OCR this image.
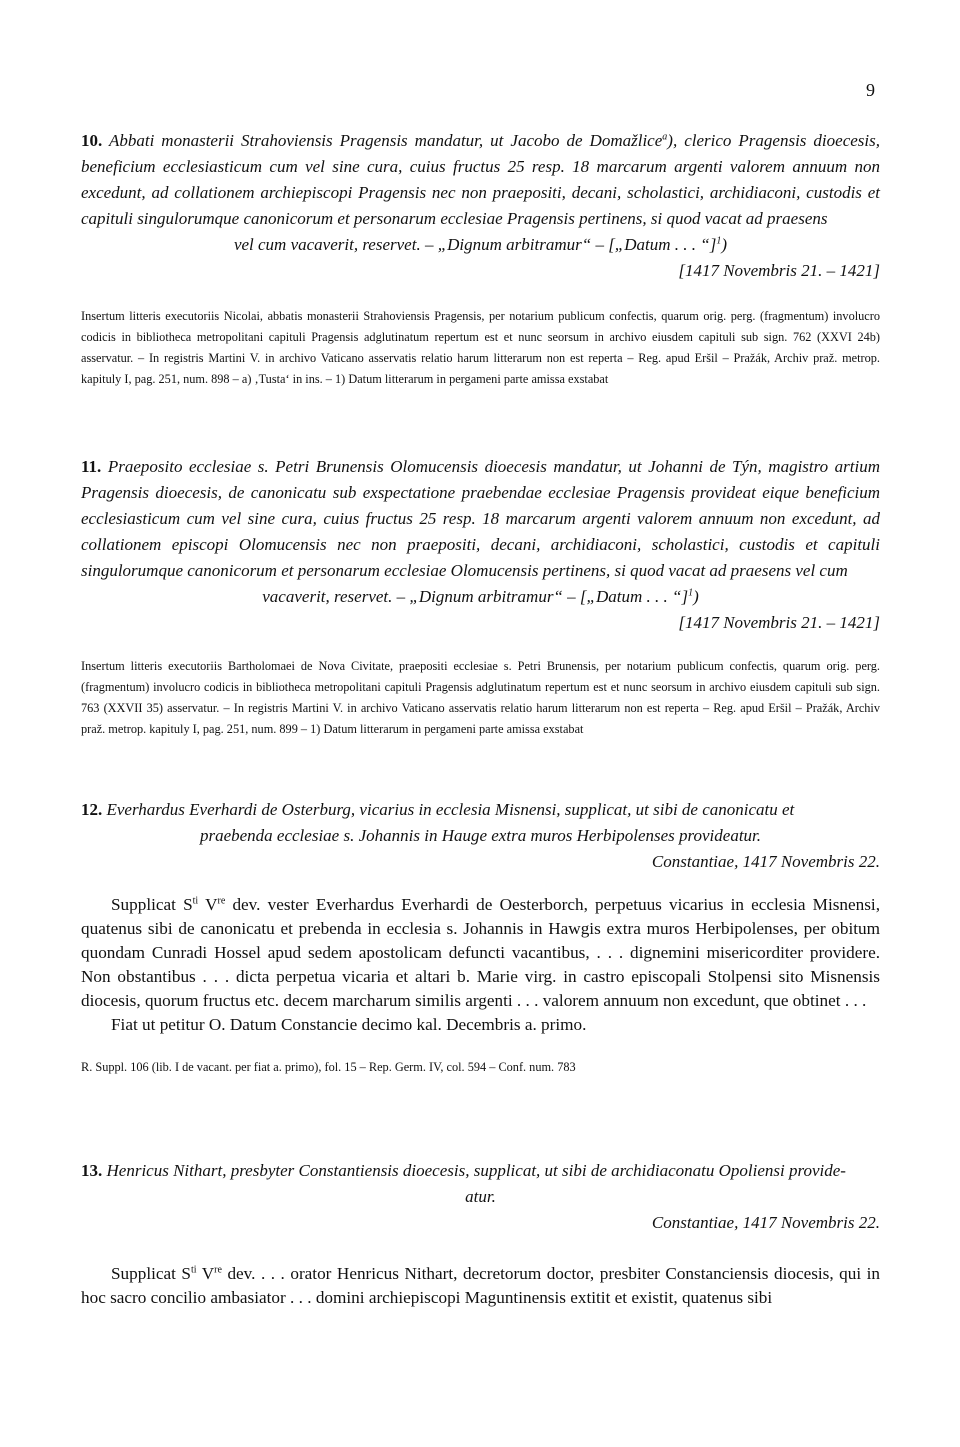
9
10. Abbati monasterii Strahoviensis Pragensis mandatur, ut Jacobo de Domažlice$^a$), clerico Pragensis dioecesis, beneficium ecclesiasticum cum vel sine cura, cuius fructus 25 resp. 18 marcarum argenti valorem annuum non excedunt, ad collationem archiepiscopi Pragensis nec non praepositi, decani, scholastici, archidiaconi, custodis et capituli singulorumque canonicorum et personarum ecclesiae Pragensis pertinens, si quod vacat ad praesens
vel cum vacaverit, reservet. – „Dignum arbitramur“ – [„Datum . . . “]$^1$)
[1417 Novembris 21. – 1421]
Insertum litteris executoriis Nicolai, abbatis monasterii Strahoviensis Pragensis, per notarium publicum confectis, quarum orig. perg. (fragmentum) involucro codicis in bibliotheca metropolitani capituli Pragensis adglutinatum repertum est et nunc seorsum in archivo eiusdem capituli sub sign. 762 (XXVI 24b) asservatur. – In registris Martini V. in archivo Vaticano asservatis relatio harum litterarum non est reperta – Reg. apud Eršil – Pražák, Archiv praž. metrop. kapituly I, pag. 251, num. 898 – a) ‚Tusta‘ in ins. – 1) Datum litterarum in pergameni parte amissa exstabat
11. Praeposito ecclesiae s. Petri Brunensis Olomucensis dioecesis mandatur, ut Johanni de Týn, magistro artium Pragensis dioecesis, de canonicatu sub exspectatione praebendae ecclesiae Pragensis provideat eique beneficium ecclesiasticum cum vel sine cura, cuius fructus 25 resp. 18 marcarum argenti valorem annuum non excedunt, ad collationem episcopi Olomucensis nec non praepositi, decani, archidiaconi, scholastici, custodis et capituli singulorumque canonicorum et personarum ecclesiae Olomucensis pertinens, si quod vacat ad praesens vel cum
vacaverit, reservet. – „Dignum arbitramur“ – [„Datum . . . “]$^1$)
[1417 Novembris 21. – 1421]
Insertum litteris executoriis Bartholomaei de Nova Civitate, praepositi ecclesiae s. Petri Brunensis, per notarium publicum confectis, quarum orig. perg. (fragmentum) involucro codicis in bibliotheca metropolitani capituli Pragensis adglutinatum repertum est et nunc seorsum in archivo eiusdem capituli sub sign. 763 (XXVII 35) asservatur. – In registris Martini V. in archivo Vaticano asservatis relatio harum litterarum non est reperta – Reg. apud Eršil – Pražák, Archiv praž. metrop. kapituly I, pag. 251, num. 899 – 1) Datum litterarum in pergameni parte amissa exstabat
12. Everhardus Everhardi de Osterburg, vicarius in ecclesia Misnensi, supplicat, ut sibi de canonicatu et
praebenda ecclesiae s. Johannis in Hauge extra muros Herbipolenses provideatur.
Constantiae, 1417 Novembris 22.
Supplicat $S^{ti}$ Vre dev. vester Everhardus Everhardi de Oesterborch, perpetuus vicarius in ecclesia Misnensi, quatenus sibi de canonicatu et prebenda in ecclesia s. Johannis in Hawgis extra muros Herbipolenses, per obitum quondam Cunradi Hossel apud sedem apostolicam defuncti vacantibus, . . . dignemini misericorditer providere. Non obstantibus . . . dicta perpetua vicaria et altari b. Marie virg. in castro episcopali Stolpensi sito Misnensis diocesis, quorum fructus etc. decem marcharum similis argenti . . . valorem annuum non excedunt, que obtinet . . .
Fiat ut petitur O. Datum Constancie decimo kal. Decembris a. primo.
R. Suppl. 106 (lib. I de vacant. per fiat a. primo), fol. 15 – Rep. Germ. IV, col. 594 – Conf. num. 783
13. Henricus Nithart, presbyter Constantiensis dioecesis, supplicat, ut sibi de archidiaconatu Opoliensi provide-
atur.
Constantiae, 1417 Novembris 22.
Supplicat $S^{ti}$ Vre dev. . . . orator Henricus Nithart, decretorum doctor, presbiter Constanciensis diocesis, qui in hoc sacro concilio ambasiator . . . domini archiepiscopi Maguntinensis extitit et existit, quatenus sibi
